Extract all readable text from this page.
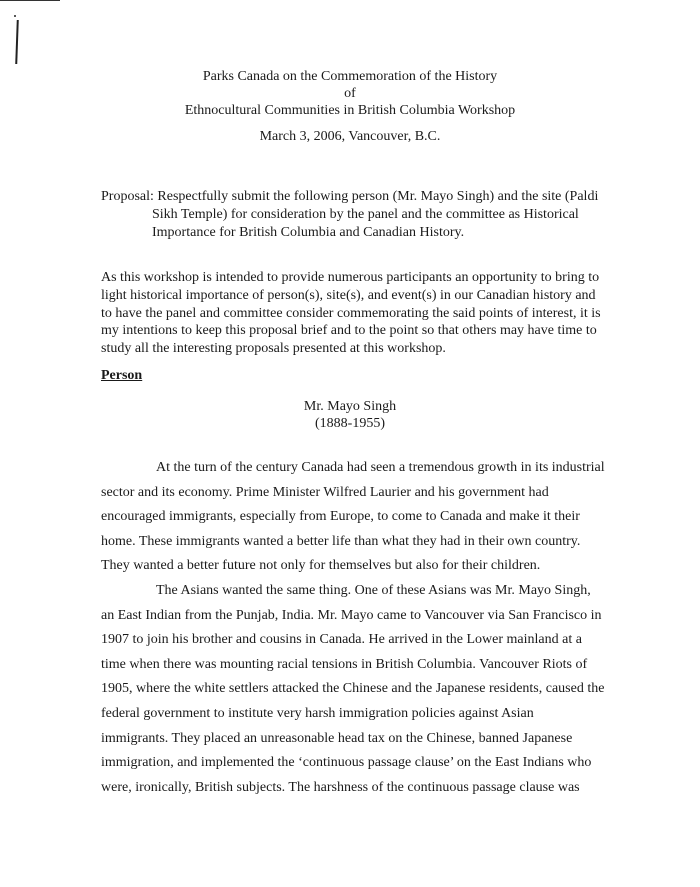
Parks Canada on the Commemoration of the History
of
Ethnocultural Communities in British Columbia Workshop
March 3, 2006, Vancouver, B.C.
Proposal: Respectfully submit the following person (Mr. Mayo Singh) and the site (Paldi
Sikh Temple) for consideration by the panel and the committee as Historical
Importance for British Columbia and Canadian History.
As this workshop is intended to provide numerous participants an opportunity to bring to
light historical importance of person(s), site(s), and event(s) in our Canadian history and
to have the panel and committee consider commemorating the said points of interest, it is
my intentions to keep this proposal brief and to the point so that others may have time to
study all the interesting proposals presented at this workshop.
Person
Mr. Mayo Singh
(1888-1955)
At the turn of the century Canada had seen a tremendous growth in its industrial
sector and its economy. Prime Minister Wilfred Laurier and his government had
encouraged immigrants, especially from Europe, to come to Canada and make it their
home. These immigrants wanted a better life than what they had in their own country.
They wanted a better future not only for themselves but also for their children.
The Asians wanted the same thing. One of these Asians was Mr. Mayo Singh,
an East Indian from the Punjab, India. Mr. Mayo came to Vancouver via San Francisco in
1907 to join his brother and cousins in Canada. He arrived in the Lower mainland at a
time when there was mounting racial tensions in British Columbia. Vancouver Riots of
1905, where the white settlers attacked the Chinese and the Japanese residents, caused the
federal government to institute very harsh immigration policies against Asian
immigrants. They placed an unreasonable head tax on the Chinese, banned Japanese
immigration, and implemented the ‘continuous passage clause’ on the East Indians who
were, ironically, British subjects. The harshness of the continuous passage clause was
